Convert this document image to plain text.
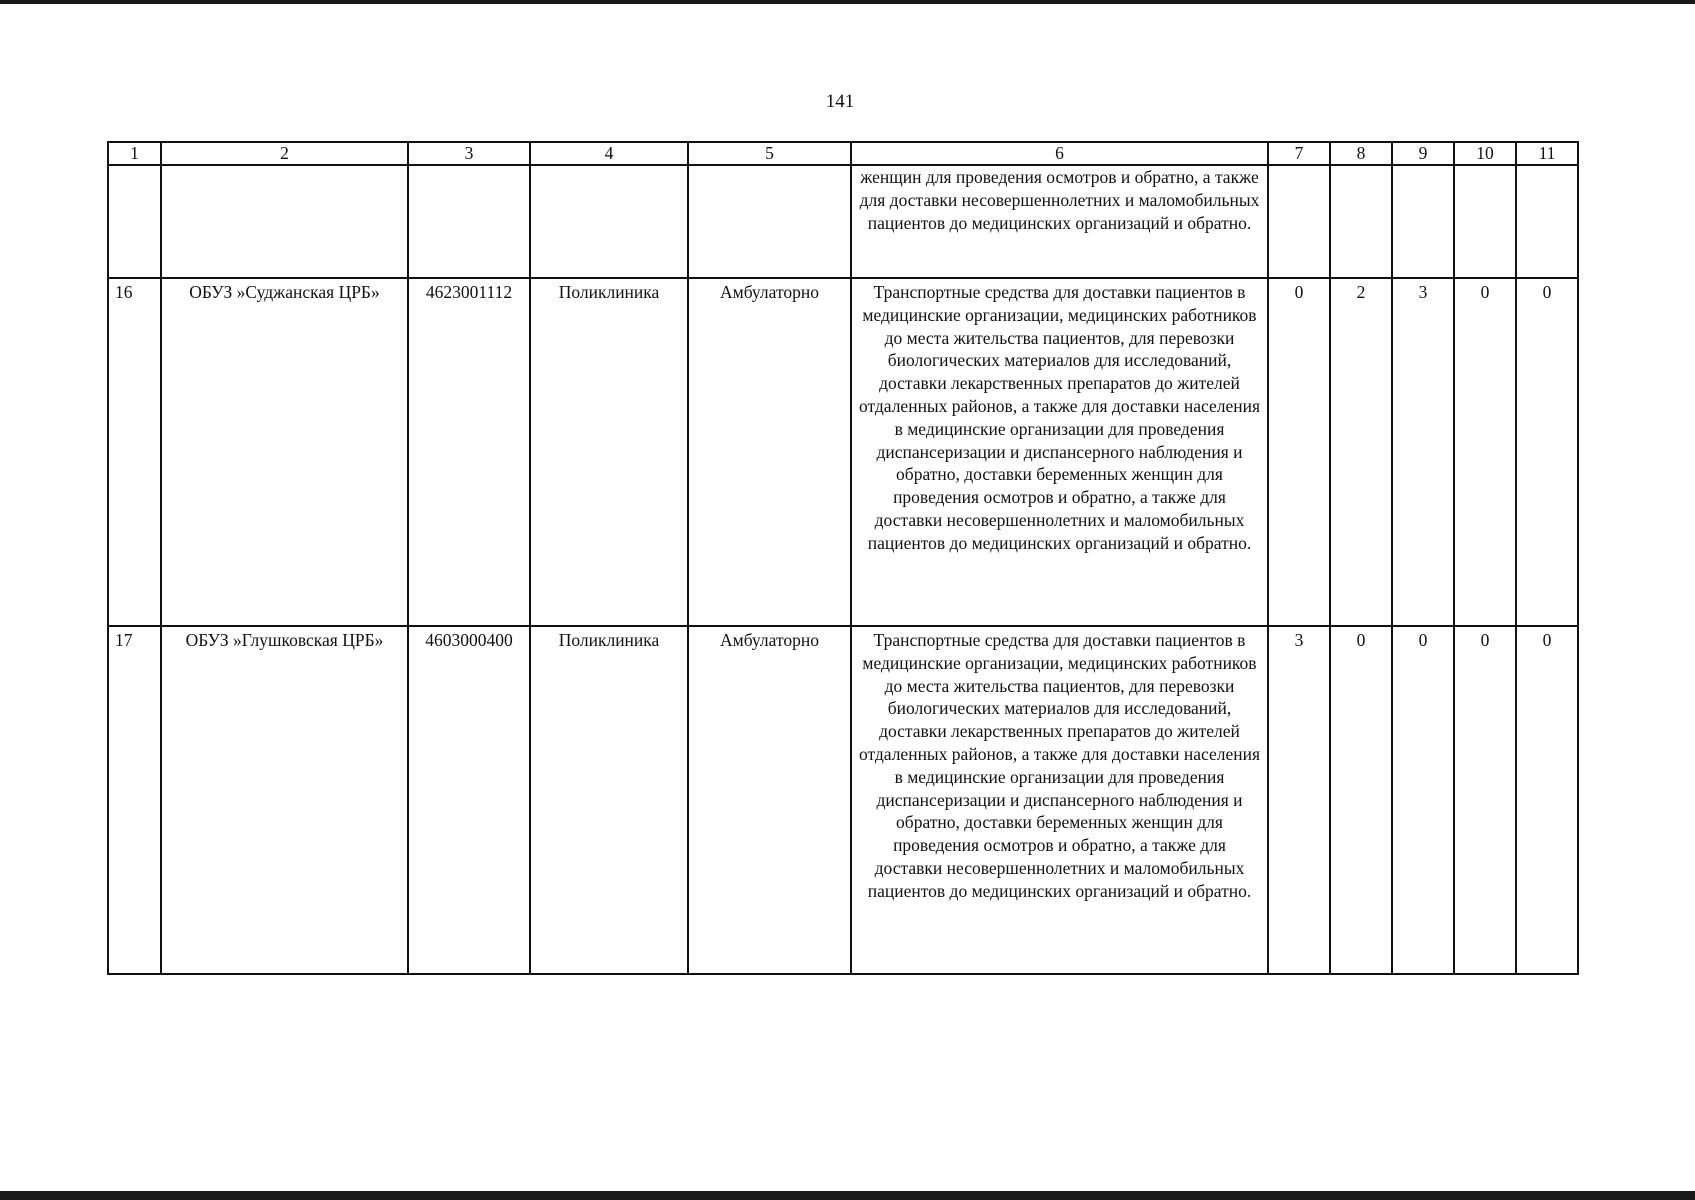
141
1	2	3	4	5	6	7	8	9	10	11
					женщин для проведения осмотров и обратно, а также для доставки несовершеннолетних и маломобильных пациентов до медицинских организаций и обратно.					
16	ОБУЗ »Суджанская ЦРБ»	4623001112	Поликлиника	Амбулаторно	Транспортные средства для доставки пациентов в медицинские организации, медицинских работников до места жительства пациентов, для перевозки биологических материалов для исследований, доставки лекарственных препаратов до жителей отдаленных районов, а также для доставки населения в медицинские организации для проведения диспансеризации и диспансерного наблюдения и обратно, доставки беременных женщин для проведения осмотров и обратно, а также для доставки несовершеннолетних и маломобильных пациентов до медицинских организаций и обратно.	0	2	3	0	0
17	ОБУЗ »Глушковская ЦРБ»	4603000400	Поликлиника	Амбулаторно	Транспортные средства для доставки пациентов в медицинские организации, медицинских работников до места жительства пациентов, для перевозки биологических материалов для исследований, доставки лекарственных препаратов до жителей отдаленных районов, а также для доставки населения в медицинские организации для проведения диспансеризации и диспансерного наблюдения и обратно, доставки беременных женщин для проведения осмотров и обратно, а также для доставки несовершеннолетних и маломобильных пациентов до медицинских организаций и обратно.	3	0	0	0	0
